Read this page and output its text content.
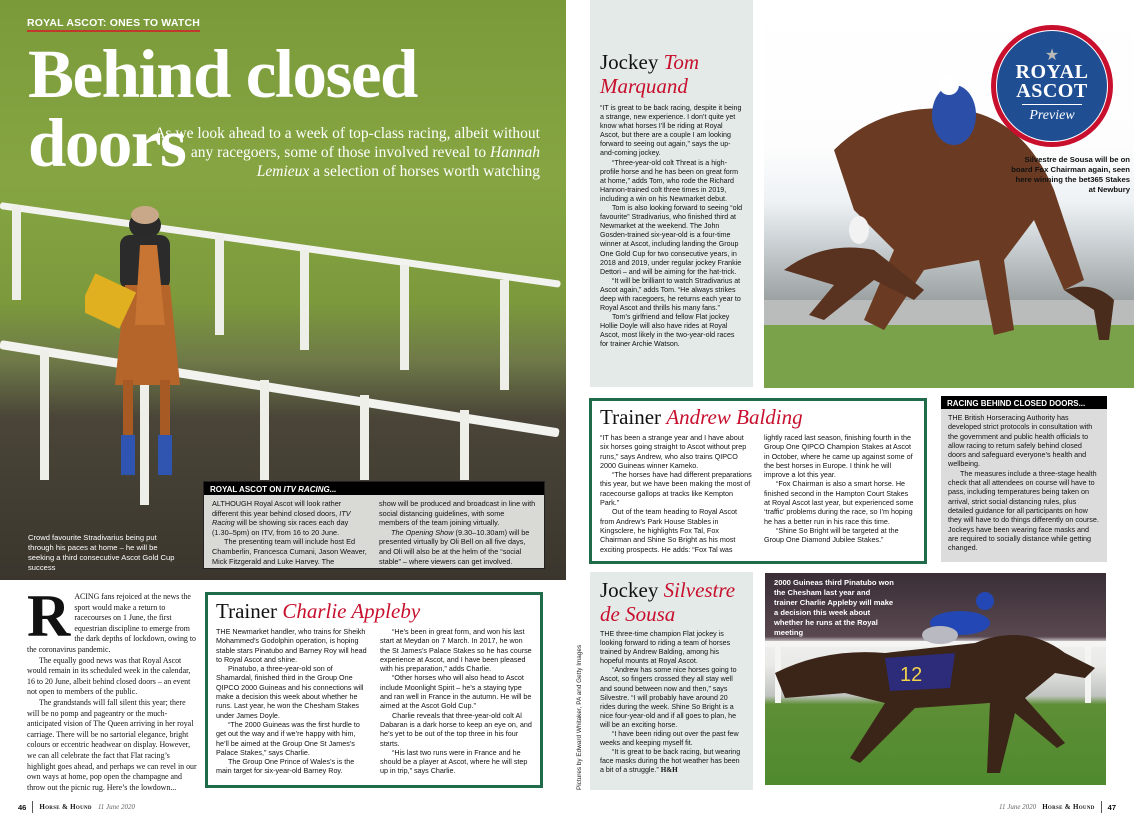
ROYAL ASCOT: ONES TO WATCH
Behind closed doors

As we look ahead to a week of top-class racing, albeit without any racegoers, some of those involved reveal to Hannah Lemieux a selection of horses worth watching

Crowd favourite Stradivarius being put through his paces at home – he will be seeking a third consecutive Ascot Gold Cup success
ROYAL ASCOT ON ITV RACING...

ALTHOUGH Royal Ascot will look rather different this year behind closed doors, ITV Racing will be showing six races each day (1.30–5pm) on ITV, from 16 to 20 June.

The presenting team will include host Ed Chamberlin, Francesca Cumani, Jason Weaver, Mick Fitzgerald and Luke Harvey. The

show will be produced and broadcast in line with social distancing guidelines, with some members of the team joining virtually.

The Opening Show (9.30–10.30am) will be presented virtually by Oli Bell on all five days, and Oli will also be at the helm of the “social stable” – where viewers can get involved.

R ACING fans rejoiced at the news the sport would make a return to racecourses on 1 June, the first equestrian discipline to emerge from the dark depths of lockdown, owing to the coronavirus pandemic.

The equally good news was that Royal Ascot would remain in its scheduled week in the calendar, 16 to 20 June, albeit behind closed doors – an event not open to members of the public.

The grandstands will fall silent this year; there will be no pomp and pageantry or the much-anticipated vision of The Queen arriving in her royal carriage. There will be no sartorial elegance, bright colours or eccentric headwear on display. However, we can all celebrate the fact that Flat racing’s highlight goes ahead, and perhaps we can revel in our own ways at home, pop open the champagne and throw out the picnic rug. Here’s the lowdown...

Trainer Charlie Appleby

THE Newmarket handler, who trains for Sheikh Mohammed’s Godolphin operation, is hoping stable stars Pinatubo and Barney Roy will head to Royal Ascot and shine.

Pinatubo, a three-year-old son of Shamardal, finished third in the Group One QIPCO 2000 Guineas and his connections will make a decision this week about whether he runs. Last year, he won the Chesham Stakes under James Doyle.

“The 2000 Guineas was the first hurdle to get out the way and if we’re happy with him, he’ll be aimed at the Group One St James’s Palace Stakes,” says Charlie.

The Group One Prince of Wales’s is the main target for six-year-old Barney Roy.

“He’s been in great form, and won his last start at Meydan on 7 March. In 2017, he won the St James’s Palace Stakes so he has course experience at Ascot, and I have been pleased with his preparation,” adds Charlie.

“Other horses who will also head to Ascot include Moonlight Spirit – he’s a staying type and ran well in France in the autumn. He will be aimed at the Ascot Gold Cup.”

Charlie reveals that three-year-old colt Al Dabaran is a dark horse to keep an eye on, and he’s yet to be out of the top three in his four starts.

“His last two runs were in France and he should be a player at Ascot, where he will step up in trip,” says Charlie.

46 Horse & Hound 11 June 2020
Jockey Tom Marquand

“IT is great to be back racing, despite it being a strange, new experience. I don’t quite yet know what horses I’ll be riding at Royal Ascot, but there are a couple I am looking forward to seeing out again,” says the up-and-coming jockey.

“Three-year-old colt Threat is a high-profile horse and he has been on great form at home,” adds Tom, who rode the Richard Hannon-trained colt three times in 2019, including a win on his Newmarket debut.

Tom is also looking forward to seeing “old favourite” Stradivarius, who finished third at Newmarket at the weekend. The John Gosden-trained six-year-old is a four-time winner at Ascot, including landing the Group One Gold Cup for two consecutive years, in 2018 and 2019, under regular jockey Frankie Dettori – and will be aiming for the hat-trick.

“It will be brilliant to watch Stradivarius at Ascot again,” adds Tom. “He always strikes deep with racegoers, he returns each year to Royal Ascot and thrills his many fans.”

Tom’s girlfriend and fellow Flat jockey Hollie Doyle will also have rides at Royal Ascot, most likely in the two-year-old races for trainer Archie Watson.

★
ROYAL
ASCOT
Preview
Silvestre de Sousa will be on board Fox Chairman again, seen here winning the bet365 Stakes at Newbury
Trainer Andrew Balding

“IT has been a strange year and I have about six horses going straight to Ascot without prep runs,” says Andrew, who also trains QIPCO 2000 Guineas winner Kameko.

“The horses have had different preparations this year, but we have been making the most of racecourse gallops at tracks like Kempton Park.”

Out of the team heading to Royal Ascot from Andrew’s Park House Stables in Kingsclere, he highlights Fox Tal, Fox Chairman and Shine So Bright as his most exciting prospects. He adds: “Fox Tal was

lightly raced last season, finishing fourth in the Group One QIPCO Champion Stakes at Ascot in October, where he came up against some of the best horses in Europe. I think he will improve a lot this year.

“Fox Chairman is also a smart horse. He finished second in the Hampton Court Stakes at Royal Ascot last year, but experienced some ‘traffic’ problems during the race, so I’m hoping he has a better run in his race this time.

“Shine So Bright will be targeted at the Group One Diamond Jubilee Stakes.”

RACING BEHIND CLOSED DOORS...

THE British Horseracing Authority has developed strict protocols in consultation with the government and public health officials to allow racing to return safely behind closed doors and safeguard everyone’s health and wellbeing.

The measures include a three-stage health check that all attendees on course will have to pass, including temperatures being taken on arrival, strict social distancing rules, plus detailed guidance for all participants on how they will have to do things differently on course. Jockeys have been wearing face masks and are required to socially distance while getting changed.

Jockey Silvestre de Sousa

THE three-time champion Flat jockey is looking forward to riding a team of horses trained by Andrew Balding, among his hopeful mounts at Royal Ascot.

“Andrew has some nice horses going to Ascot, so fingers crossed they all stay well and sound between now and then,” says Silvestre. “I will probably have around 20 rides during the week. Shine So Bright is a nice four-year-old and if all goes to plan, he will be an exciting horse.

“I have been riding out over the past few weeks and keeping myself fit.

“It is great to be back racing, but wearing face masks during the hot weather has been a bit of a struggle.” H&H

Pictures by Edward Whitaker, PA and Getty Images	12
2000 Guineas third Pinatubo won the Chesham last year and trainer Charlie Appleby will make a decision this week about whether he runs at the Royal meeting
11 June 2020 Horse & Hound 47
